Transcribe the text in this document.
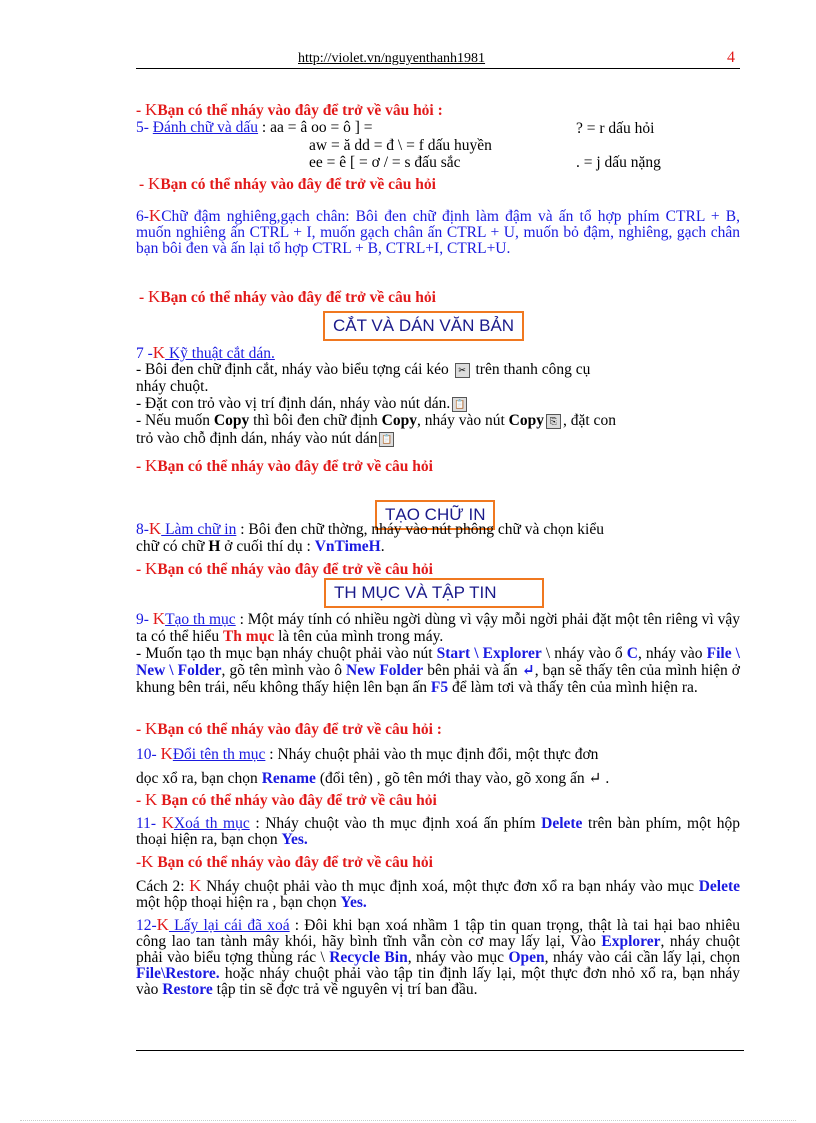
http://violet.vn/nguyenthanh1981	4
- KBạn có thể nháy vào đây để trở về vâu hỏi :
5- Đánh chữ và dấu : aa = â oo = ô ] =	? = r dấu hỏi
aw = ă dd = đ \ = f dấu huyền
ee = ê [ = ơ / = s đấu sắc	. = j dấu nặng
- KBạn có thể nháy vào đây để trở về câu hỏi
6-KChữ đậm nghiêng,gạch chân: Bôi đen chữ định làm đậm và ấn tổ hợp phím CTRL + B, muốn nghiêng ấn CTRL + I, muốn gạch chân ấn CTRL + U, muốn bỏ đậm, nghiêng, gạch chân bạn bôi đen và ấn lại tổ hợp CTRL + B, CTRL+I, CTRL+U.
- KBạn có thể nháy vào đây để trở về câu hỏi
CẮT VÀ DÁN VĂN BẢN
7 -K Kỹ thuật cắt dán.
- Bôi đen chữ định cắt, nháy vào biểu tợng cái kéo ✂ trên thanh công cụ
nháy chuột.
- Đặt con trỏ vào vị trí định dán, nháy vào nút dán. 📋
- Nếu muốn Copy thì bôi đen chữ định Copy, nháy vào nút Copy ⎘ , đặt con
trỏ vào chỗ định dán, nháy vào nút dán 📋
- KBạn có thể nháy vào đây để trở về câu hỏi
TẠO CHỮ IN
8-K Làm chữ in : Bôi đen chữ thờng, nháy vào nút phông chữ và chọn kiểu
chữ có chữ H ở cuối thí dụ : VnTimeH.
- KBạn có thể nháy vào đây để trở về câu hỏi
TH MỤC VÀ TẬP TIN
9- KTạo th mục : Một máy tính có nhiều ngời dùng vì vậy mỗi ngời phải đặt một tên riêng vì vậy ta có thể hiểu Th mục là tên của mình trong máy.
- Muốn tạo th mục bạn nháy chuột phải vào nút Start \ Explorer \ nháy vào ổ C, nháy vào File \ New \ Folder, gõ tên mình vào ô New Folder bên phải và ấn ↵, bạn sẽ thấy tên của mình hiện ở khung bên trái, nếu không thấy hiện lên bạn ấn F5 để làm tơi và thấy tên của mình hiện ra.
- KBạn có thể nháy vào đây để trở về câu hỏi :
10- KĐổi tên th mục : Nháy chuột phải vào th mục định đổi, một thực đơn
dọc xổ ra, bạn chọn Rename (đổi tên) , gõ tên mới thay vào, gõ xong ấn ↵ .
- K Bạn có thể nháy vào đây để trở về câu hỏi
11- KXoá th mục : Nháy chuột vào th mục định xoá ấn phím Delete trên bàn phím, một hộp thoại hiện ra, bạn chọn Yes.
-K Bạn có thể nháy vào đây để trở về câu hỏi
Cách 2: K Nháy chuột phải vào th mục định xoá, một thực đơn xổ ra bạn nháy vào mục Delete một hộp thoại hiện ra , bạn chọn Yes.
12-K Lấy lại cái đã xoá : Đôi khi bạn xoá nhầm 1 tập tin quan trọng, thật là tai hại bao nhiêu công lao tan tành mây khói, hãy bình tĩnh vẫn còn cơ may lấy lại, Vào Explorer, nháy chuột phải vào biểu tợng thùng rác \ Recycle Bin, nháy vào mục Open, nháy vào cái cần lấy lại, chọn File\Restore. hoặc nháy chuột phải vào tập tin định lấy lại, một thực đơn nhỏ xổ ra, bạn nháy vào Restore tập tin sẽ đợc trả về nguyên vị trí ban đầu.
